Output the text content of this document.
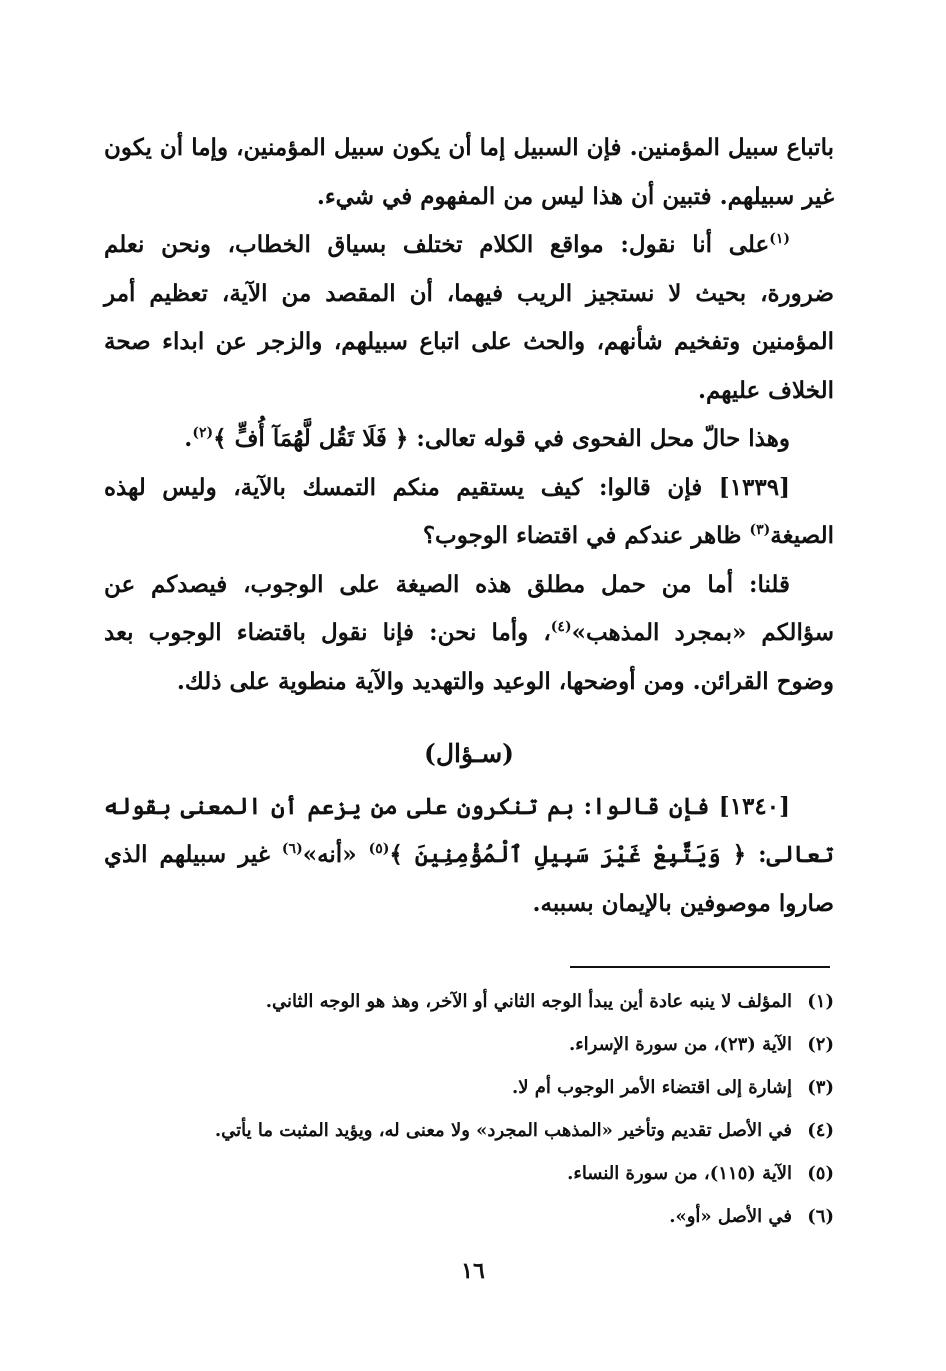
باتباع سبيل المؤمنين. فإن السبيل إما أن يكون سبيل المؤمنين، وإما أن يكون غير سبيلهم. فتبين أن هذا ليس من المفهوم في شيء.

$^{(١)}$على أنا نقول: مواقع الكلام تختلف بسياق الخطاب، ونحن نعلم ضرورة، بحيث لا نستجيز الريب فيهما، أن المقصد من الآية، تعظيم أمر المؤمنين وتفخيم شأنهم، والحث على اتباع سبيلهم، والزجر عن ابداء صحة الخلاف عليهم.

وهذا حالّ محل الفحوى في قوله تعالى: ﴿ فَلَا تَقُل لَّهُمَآ أُفٍّ ﴾$^{(٢)}$.

[١٣٣٩] فإن قالوا: كيف يستقيم منكم التمسك بالآية، وليس لهذه الصيغة$^{(٣)}$ ظاهر عندكم في اقتضاء الوجوب؟

قلنا: أما من حمل مطلق هذه الصيغة على الوجوب، فيصدكم عن سؤالكم «بمجرد المذهب»$^{(٤)}$، وأما نحن: فإنا نقول باقتضاء الوجوب بعد وضوح القرائن. ومن أوضحها، الوعيد والتهديد والآية منطوية على ذلك.

(سـؤال)

[١٣٤٠] فإن قالوا: بم تنكرون على من يزعم أن المعنى بقوله تعالى: ﴿ وَيَتَّبِعْ غَيْرَ سَبِيلِ ٱلْمُؤْمِنِينَ ﴾$^{(٥)}$ «أنه»$^{(٦)}$ غير سبيلهم الذي صاروا موصوفين بالإيمان بسببه.

(١)المؤلف لا ينبه عادة أين يبدأ الوجه الثاني أو الآخر، وهذ هو الوجه الثاني.

(٢)الآية (٢٣)، من سورة الإسراء.

(٣)إشارة إلى اقتضاء الأمر الوجوب أم لا.

(٤)في الأصل تقديم وتأخير «المذهب المجرد» ولا معنى له، ويؤيد المثبت ما يأتي.

(٥)الآية (١١٥)، من سورة النساء.

(٦)في الأصل «أو».

١٦
